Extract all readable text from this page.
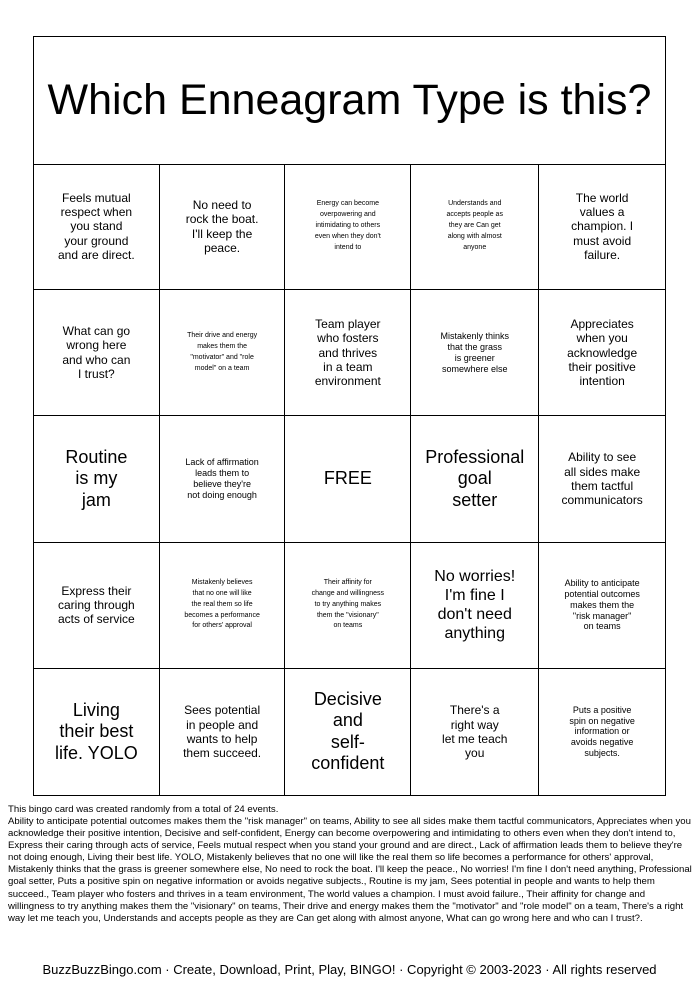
Which Enneagram Type is this?
Feels mutual
respect when
you stand
your ground
and are direct.
No need to
rock the boat.
I'll keep the
peace.
Energy can become
overpowering and
intimidating to others
even when they don't
intend to
Understands and
accepts people as
they are Can get
along with almost
anyone
The world
values a
champion. I
must avoid
failure.
What can go
wrong here
and who can
I trust?
Their drive and energy
makes them the
"motivator" and "role
model" on a team
Team player
who fosters
and thrives
in a team
environment
Mistakenly thinks
that the grass
is greener
somewhere else
Appreciates
when you
acknowledge
their positive
intention
Routine
is my
jam
Lack of affirmation
leads them to
believe they're
not doing enough
FREE
Professional
goal
setter
Ability to see
all sides make
them tactful
communicators
Express their
caring through
acts of service
Mistakenly believes
that no one will like
the real them so life
becomes a performance
for others' approval
Their affinity for
change and willingness
to try anything makes
them the "visionary"
on teams
No worries!
I'm fine I
don't need
anything
Ability to anticipate
potential outcomes
makes them the
"risk manager"
on teams
Living
their best
life. YOLO
Sees potential
in people and
wants to help
them succeed.
Decisive
and
self-confident
There's a
right way
let me teach
you
Puts a positive
spin on negative
information or
avoids negative
subjects.
This bingo card was created randomly from a total of 24 events.
Ability to anticipate potential outcomes makes them the "risk manager" on teams, Ability to see all sides make them tactful communicators, Appreciates when you acknowledge their positive intention, Decisive and self-confident, Energy can become overpowering and intimidating to others even when they don't intend to, Express their caring through acts of service, Feels mutual respect when you stand your ground and are direct., Lack of affirmation leads them to believe they're not doing enough, Living their best life. YOLO, Mistakenly believes that no one will like the real them so life becomes a performance for others' approval, Mistakenly thinks that the grass is greener somewhere else, No need to rock the boat. I'll keep the peace., No worries! I'm fine I don't need anything, Professional goal setter, Puts a positive spin on negative information or avoids negative subjects., Routine is my jam, Sees potential in people and wants to help them succeed., Team player who fosters and thrives in a team environment, The world values a champion. I must avoid failure., Their affinity for change and willingness to try anything makes them the "visionary" on teams, Their drive and energy makes them the "motivator" and "role model" on a team, There's a right way let me teach you, Understands and accepts people as they are Can get along with almost anyone, What can go wrong here and who can I trust?.
BuzzBuzzBingo.com · Create, Download, Print, Play, BINGO! · Copyright © 2003-2023 · All rights reserved
